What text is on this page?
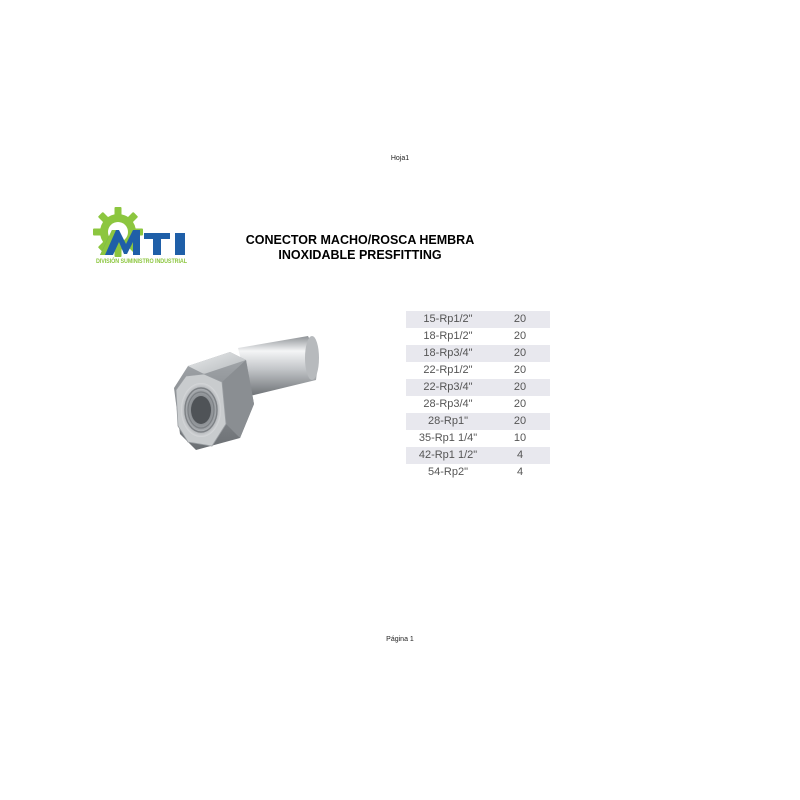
Hoja1
DIVISIÓN SUMINISTRO INDUSTRIAL
CONECTOR MACHO/ROSCA HEMBRA
INOXIDABLE PRESFITTING
15-Rp1/2"	20
18-Rp1/2"	20
18-Rp3/4"	20
22-Rp1/2"	20
22-Rp3/4"	20
28-Rp3/4"	20
28-Rp1"	20
35-Rp1 1/4"	10
42-Rp1 1/2"	4
54-Rp2"	4
Página 1
